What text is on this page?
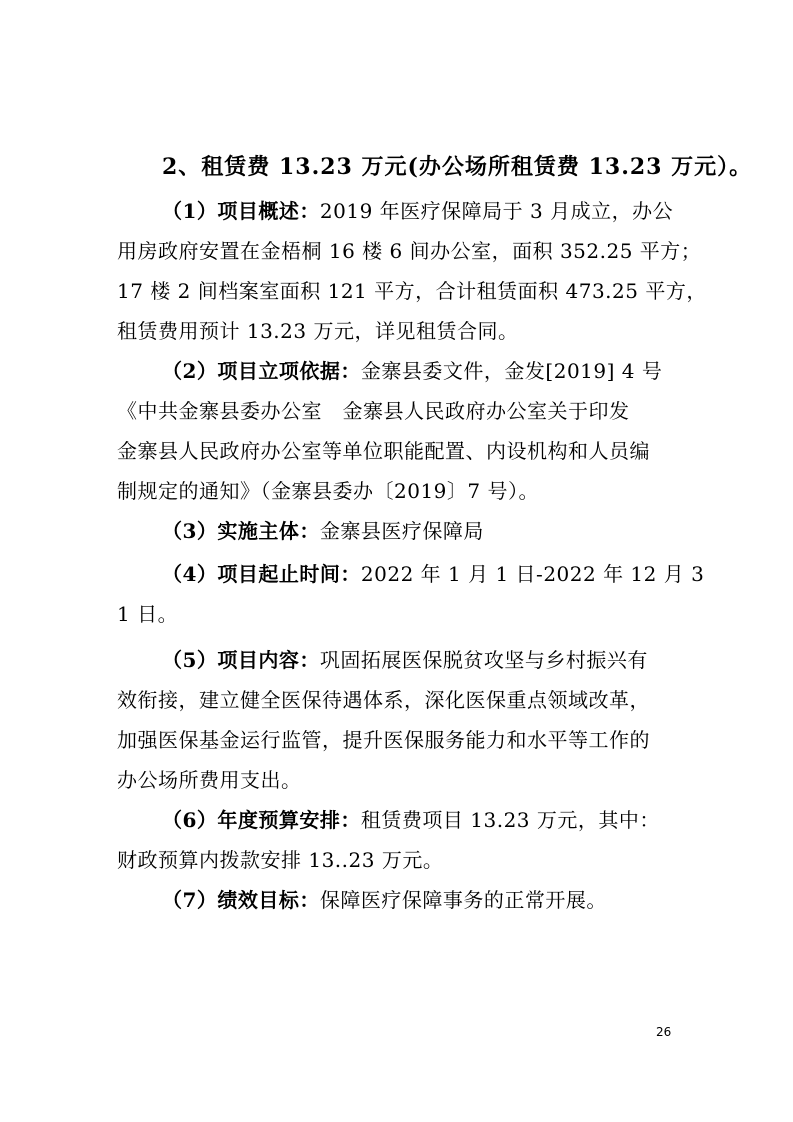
2、租赁费 13.23 万元(办公场所租赁费 13.23 万元）。
（1）项目概述：2019 年医疗保障局于 3 月成立，办公
用房政府安置在金梧桐 16 楼 6 间办公室，面积 352.25 平方；
17 楼 2 间档案室面积 121 平方，合计租赁面积 473.25 平方，
租赁费用预计 13.23 万元，详见租赁合同。
（2）项目立项依据：金寨县委文件，金发[2019] 4 号
《中共金寨县委办公室　金寨县人民政府办公室关于印发
金寨县人民政府办公室等单位职能配置、内设机构和人员编
制规定的通知》（金寨县委办〔2019〕7 号）。
（3）实施主体：金寨县医疗保障局
（4）项目起止时间：2022 年 1 月 1 日-2022 年 12 月 3
1 日。
（5）项目内容：巩固拓展医保脱贫攻坚与乡村振兴有
效衔接，建立健全医保待遇体系，深化医保重点领域改革，
加强医保基金运行监管，提升医保服务能力和水平等工作的
办公场所费用支出。
（6）年度预算安排：租赁费项目 13.23 万元，其中：
财政预算内拨款安排 13..23 万元。
（7）绩效目标：保障医疗保障事务的正常开展。
26
